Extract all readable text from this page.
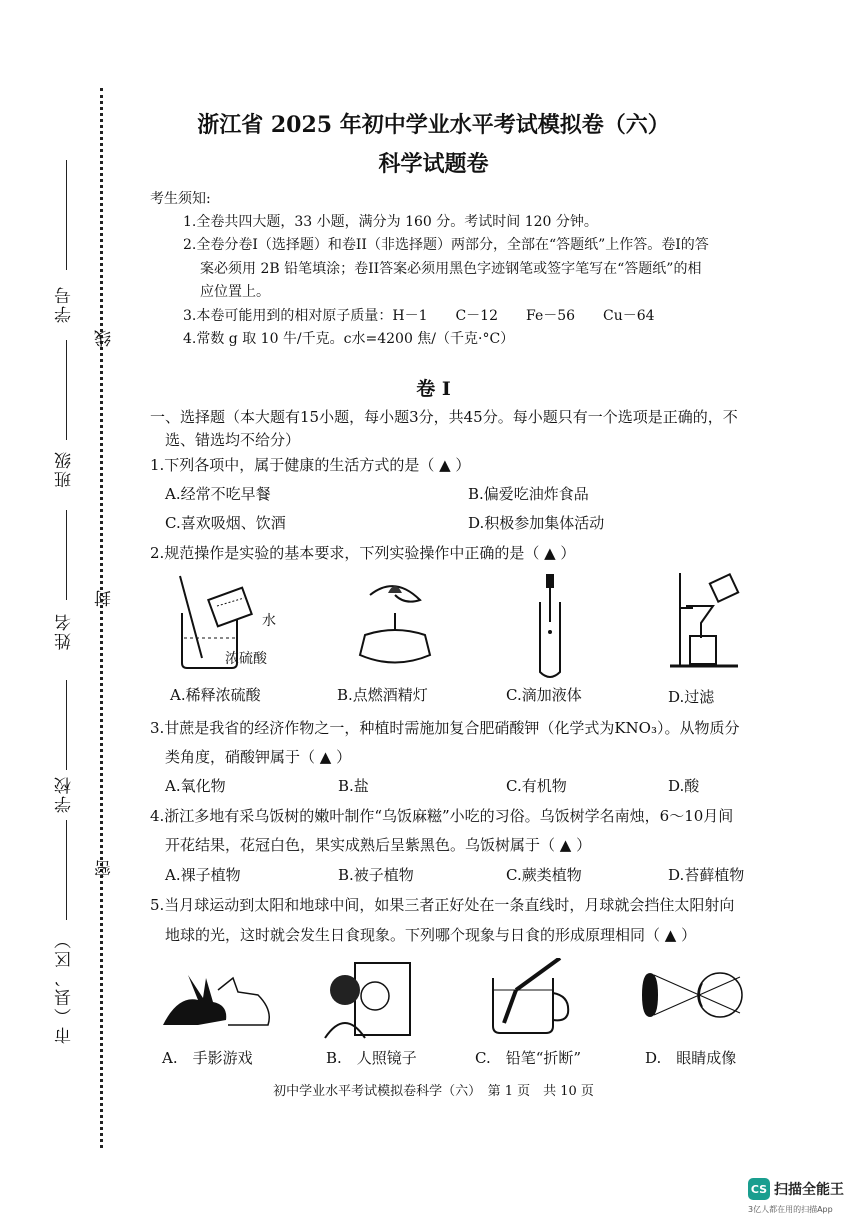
学号
班级
姓名
学校
市（县、区）
线
封
密
浙江省 2025 年初中学业水平考试模拟卷（六）
科学试题卷
考生须知:
1.全卷共四大题，33 小题，满分为 160 分。考试时间 120 分钟。
2.全卷分卷I（选择题）和卷II（非选择题）两部分，全部在“答题纸”上作答。卷I的答
案必须用 2B 铅笔填涂；卷II答案必须用黑色字迹钢笔或签字笔写在“答题纸”的相
应位置上。
3.本卷可能用到的相对原子质量：H－1　　C－12　　Fe－56　　Cu－64
4.常数 g 取 10 牛/千克。c水=4200 焦/（千克·°C）
卷 I
一、选择题（本大题有15小题，每小题3分，共45分。每小题只有一个选项是正确的，不
选、错选均不给分）
1.下列各项中，属于健康的生活方式的是（ ▲ ）
A.经常不吃早餐	B.偏爱吃油炸食品
C.喜欢吸烟、饮酒	D.积极参加集体活动
2.规范操作是实验的基本要求，下列实验操作中正确的是（ ▲ ）
水
浓硫酸
A.稀释浓硫酸	B.点燃酒精灯	C.滴加液体	D.过滤
3.甘蔗是我省的经济作物之一，种植时需施加复合肥硝酸钾（化学式为KNO₃）。从物质分
类角度，硝酸钾属于（ ▲ ）
A.氧化物	B.盐	C.有机物	D.酸
4.浙江多地有采乌饭树的嫩叶制作“乌饭麻糍”小吃的习俗。乌饭树学名南烛，6～10月间
开花结果，花冠白色，果实成熟后呈紫黑色。乌饭树属于（ ▲ ）
A.裸子植物	B.被子植物	C.蕨类植物	D.苔藓植物
5.当月球运动到太阳和地球中间，如果三者正好处在一条直线时，月球就会挡住太阳射向
地球的光，这时就会发生日食现象。下列哪个现象与日食的形成原理相同（ ▲ ）
A.　手影游戏	B.　人照镜子	C.　铅笔“折断”	D.　眼睛成像
初中学业水平考试模拟卷科学（六）　第 1 页　共 10 页
CS 扫描全能王
3亿人都在用的扫描App
